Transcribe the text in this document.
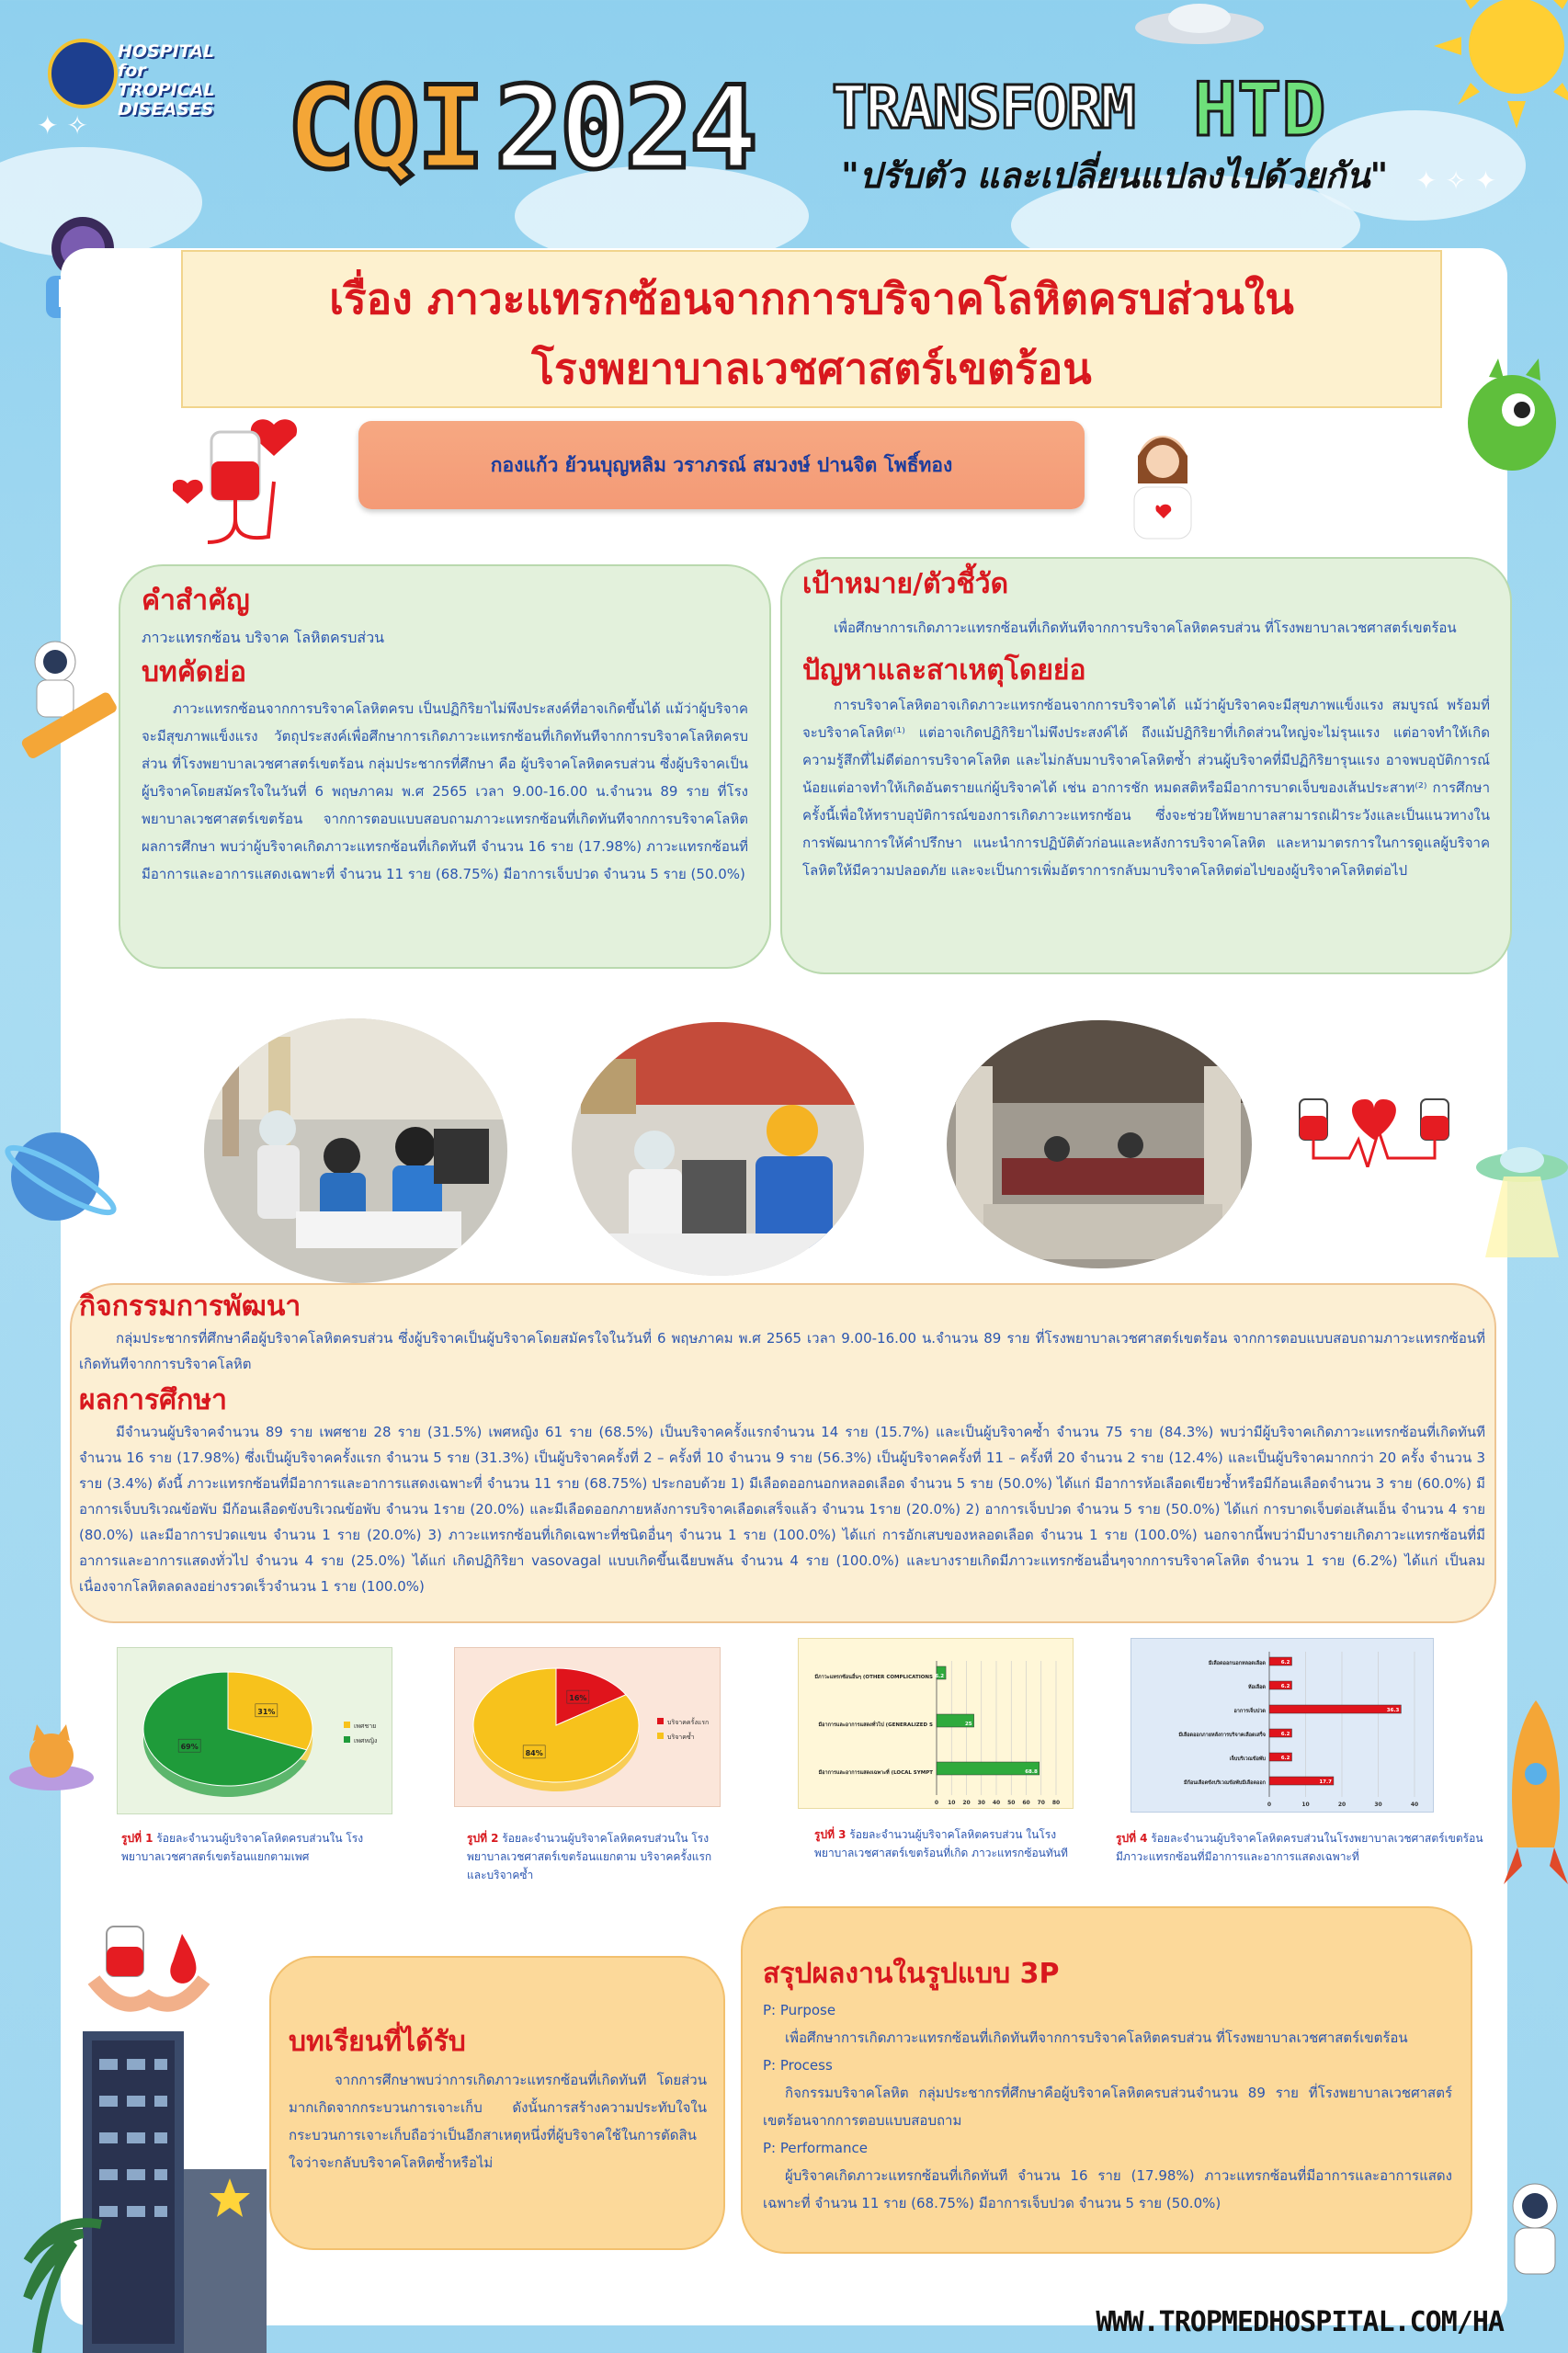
✦ ✧
✦ ✧ ✦
HOSPITAL for TROPICAL DISEASES CQI 2024 TRANSFORM HTD
"ปรับตัว และเปลี่ยนแปลงไปด้วยกัน"
เรื่อง ภาวะแทรกซ้อนจากการบริจาคโลหิตครบส่วนใน
โรงพยาบาลเวชศาสตร์เขตร้อน
กองแก้ว ย้วนบุญหลิม วราภรณ์ สมวงษ์ ปานจิต โพธิ์ทอง
คำสำคัญ

ภาวะแทรกซ้อน บริจาค โลหิตครบส่วน

บทคัดย่อ

ภาวะแทรกซ้อนจากการบริจาคโลหิตครบ เป็นปฏิกิริยาไม่พึงประสงค์ที่อาจเกิดขึ้นได้ แม้ว่าผู้บริจาคจะมีสุขภาพแข็งแรง วัตถุประสงค์เพื่อศึกษาการเกิดภาวะแทรกซ้อนที่เกิดทันทีจากการบริจาคโลหิตครบส่วน ที่โรงพยาบาลเวชศาสตร์เขตร้อน กลุ่มประชากรที่ศึกษา คือ ผู้บริจาคโลหิตครบส่วน ซึ่งผู้บริจาคเป็นผู้บริจาคโดยสมัครใจในวันที่ 6 พฤษภาคม พ.ศ 2565 เวลา 9.00-16.00 น.จำนวน 89 ราย ที่โรงพยาบาลเวชศาสตร์เขตร้อน จากการตอบแบบสอบถามภาวะแทรกซ้อนที่เกิดทันทีจากการบริจาคโลหิต ผลการศึกษา พบว่าผู้บริจาคเกิดภาวะแทรกซ้อนที่เกิดทันที จำนวน 16 ราย (17.98%) ภาวะแทรกซ้อนที่มีอาการและอาการแสดงเฉพาะที่ จำนวน 11 ราย (68.75%) มีอาการเจ็บปวด จำนวน 5 ราย (50.0%)

เป้าหมาย/ตัวชี้วัด

เพื่อศึกษาการเกิดภาวะแทรกซ้อนที่เกิดทันทีจากการบริจาคโลหิตครบส่วน ที่โรงพยาบาลเวชศาสตร์เขตร้อน

ปัญหาและสาเหตุโดยย่อ

การบริจาคโลหิตอาจเกิดภาวะแทรกซ้อนจากการบริจาคได้ แม้ว่าผู้บริจาคจะมีสุขภาพแข็งแรง สมบูรณ์ พร้อมที่จะบริจาคโลหิต⁽¹⁾ แต่อาจเกิดปฏิกิริยาไม่พึงประสงค์ได้ ถึงแม้ปฏิกิริยาที่เกิดส่วนใหญ่จะไม่รุนแรง แต่อาจทำให้เกิดความรู้สึกที่ไม่ดีต่อการบริจาคโลหิต และไม่กลับมาบริจาคโลหิตซ้ำ ส่วนผู้บริจาคที่มีปฏิกิริยารุนแรง อาจพบอุบัติการณ์น้อยแต่อาจทำให้เกิดอันตรายแก่ผู้บริจาคได้ เช่น อาการชัก หมดสติหรือมีอาการบาดเจ็บของเส้นประสาท⁽²⁾ การศึกษาครั้งนี้เพื่อให้ทราบอุบัติการณ์ของการเกิดภาวะแทรกซ้อน ซึ่งจะช่วยให้พยาบาลสามารถเฝ้าระวังและเป็นแนวทางในการพัฒนาการให้คำปรึกษา แนะนำการปฏิบัติตัวก่อนและหลังการบริจาคโลหิต และหามาตรการในการดูแลผู้บริจาคโลหิตให้มีความปลอดภัย และจะเป็นการเพิ่มอัตราการกลับมาบริจาคโลหิตต่อไปของผู้บริจาคโลหิตต่อไป

กิจกรรมการพัฒนา

กลุ่มประชากรที่ศึกษาคือผู้บริจาคโลหิตครบส่วน ซึ่งผู้บริจาคเป็นผู้บริจาคโดยสมัครใจในวันที่ 6 พฤษภาคม พ.ศ 2565 เวลา 9.00-16.00 น.จำนวน 89 ราย ที่โรงพยาบาลเวชศาสตร์เขตร้อน จากการตอบแบบสอบถามภาวะแทรกซ้อนที่เกิดทันทีจากการบริจาคโลหิต

ผลการศึกษา

มีจำนวนผู้บริจาคจำนวน 89 ราย เพศชาย 28 ราย (31.5%) เพศหญิง 61 ราย (68.5%) เป็นบริจาคครั้งแรกจำนวน 14 ราย (15.7%) และเป็นผู้บริจาคซ้ำ จำนวน 75 ราย (84.3%) พบว่ามีผู้บริจาคเกิดภาวะแทรกซ้อนที่เกิดทันที จำนวน 16 ราย (17.98%) ซึ่งเป็นผู้บริจาคครั้งแรก จำนวน 5 ราย (31.3%) เป็นผู้บริจาคครั้งที่ 2 – ครั้งที่ 10 จำนวน 9 ราย (56.3%) เป็นผู้บริจาคครั้งที่ 11 – ครั้งที่ 20 จำนวน 2 ราย (12.4%) และเป็นผู้บริจาคมากกว่า 20 ครั้ง จำนวน 3 ราย (3.4%) ดังนี้ ภาวะแทรกซ้อนที่มีอาการและอาการแสดงเฉพาะที่ จำนวน 11 ราย (68.75%) ประกอบด้วย 1) มีเลือดออกนอกหลอดเลือด จำนวน 5 ราย (50.0%) ได้แก่ มีอาการห้อเลือดเขียวช้ำหรือมีก้อนเลือดจำนวน 3 ราย (60.0%) มีอาการเจ็บบริเวณข้อพับ มีก้อนเลือดขังบริเวณข้อพับ จำนวน 1ราย (20.0%) และมีเลือดออกภายหลังการบริจาคเลือดเสร็จแล้ว จำนวน 1ราย (20.0%) 2) อาการเจ็บปวด จำนวน 5 ราย (50.0%) ได้แก่ การบาดเจ็บต่อเส้นเอ็น จำนวน 4 ราย (80.0%) และมีอาการปวดแขน จำนวน 1 ราย (20.0%) 3) ภาวะแทรกซ้อนที่เกิดเฉพาะที่ชนิดอื่นๆ จำนวน 1 ราย (100.0%) ได้แก่ การอักเสบของหลอดเลือด จำนวน 1 ราย (100.0%) นอกจากนี้พบว่ามีบางรายเกิดภาวะแทรกซ้อนที่มีอาการและอาการแสดงทั่วไป จำนวน 4 ราย (25.0%) ได้แก่ เกิดปฏิกิริยา vasovagal แบบเกิดขึ้นเฉียบพลัน จำนวน 4 ราย (100.0%) และบางรายเกิดมีภาวะแทรกซ้อนอื่นๆจากการบริจาคโลหิต จำนวน 1 ราย (6.2%) ได้แก่ เป็นลมเนื่องจากโลหิตลดลงอย่างรวดเร็วจำนวน 1 ราย (100.0%)

31%
69%
เพศชาย
เพศหญิง
รูปที่ 1 ร้อยละจำนวนผู้บริจาคโลหิตครบส่วนใน โรงพยาบาลเวชศาสตร์เขตร้อนแยกตามเพศ
16%
84%
บริจาคครั้งแรก
บริจาคซ้ำ
รูปที่ 2 ร้อยละจำนวนผู้บริจาคโลหิตครบส่วนใน โรงพยาบาลเวชศาสตร์เขตร้อนแยกตาม บริจาคครั้งแรกและบริจาคซ้ำ
0 10 20 30 40 50 60 70 80
6.2
มีภาวะแทรกซ้อนอื่นๆ (OTHER COMPLICATIONS
25
มีอาการและอาการแสดงทั่วไป (GENERALIZED S
68.8
มีอาการและอาการแสดงเฉพาะที่ (LOCAL SYMPT
รูปที่ 3 ร้อยละจำนวนผู้บริจาคโลหิตครบส่วน ในโรงพยาบาลเวชศาสตร์เขตร้อนที่เกิด ภาวะแทรกซ้อนทันที
0	10	20	30	40
6.2
มีเลือดออกนอกหลอดเลือด
6.2
ห้อเลือด
36.3
อาการเจ็บปวด
6.2
มีเลือดออกภายหลังการบริจาคเลือดเสร็จ
6.2
เจ็บบริเวณข้อพับ
17.7
มีก้อนเลือดขังบริเวณข้อพับมีเลือดออก
รูปที่ 4 ร้อยละจำนวนผู้บริจาคโลหิตครบส่วนในโรงพยาบาลเวชศาสตร์เขตร้อน มีภาวะแทรกซ้อนที่มีอาการและอาการแสดงเฉพาะที่
บทเรียนที่ได้รับ

จากการศึกษาพบว่าการเกิดภาวะแทรกซ้อนที่เกิดทันที โดยส่วนมากเกิดจากกระบวนการเจาะเก็บ ดังนั้นการสร้างความประทับใจในกระบวนการเจาะเก็บถือว่าเป็นอีกสาเหตุหนึ่งที่ผู้บริจาคใช้ในการตัดสินใจว่าจะกลับบริจาคโลหิตซ้ำหรือไม่

สรุปผลงานในรูปแบบ 3P
P: Purpose

เพื่อศึกษาการเกิดภาวะแทรกซ้อนที่เกิดทันทีจากการบริจาคโลหิตครบส่วน ที่โรงพยาบาลเวชศาสตร์เขตร้อน

P: Process

กิจกรรมบริจาคโลหิต กลุ่มประชากรที่ศึกษาคือผู้บริจาคโลหิตครบส่วนจำนวน 89 ราย ที่โรงพยาบาลเวชศาสตร์เขตร้อนจากการตอบแบบสอบถาม

P: Performance

ผู้บริจาคเกิดภาวะแทรกซ้อนที่เกิดทันที จำนวน 16 ราย (17.98%) ภาวะแทรกซ้อนที่มีอาการและอาการแสดงเฉพาะที่ จำนวน 11 ราย (68.75%) มีอาการเจ็บปวด จำนวน 5 ราย (50.0%)

WWW.TROPMEDHOSPITAL.COM/HA
